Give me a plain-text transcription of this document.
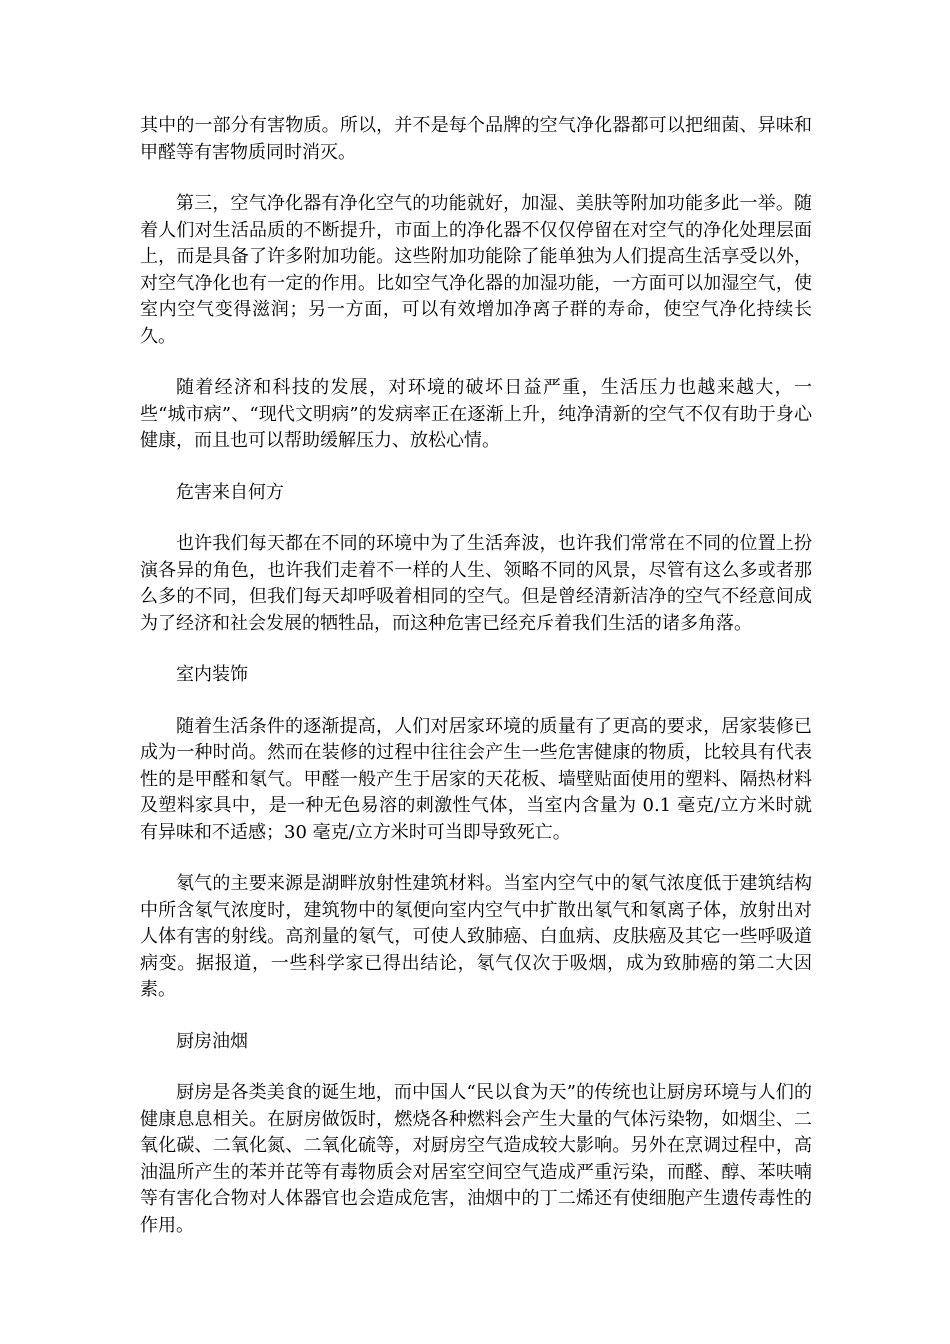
其中的一部分有害物质。所以，并不是每个品牌的空气净化器都可以把细菌、异味和甲醛等有害物质同时消灭。

第三，空气净化器有净化空气的功能就好，加湿、美肤等附加功能多此一举。随着人们对生活品质的不断提升，市面上的净化器不仅仅停留在对空气的净化处理层面上，而是具备了许多附加功能。这些附加功能除了能单独为人们提高生活享受以外，对空气净化也有一定的作用。比如空气净化器的加湿功能，一方面可以加湿空气，使室内空气变得滋润；另一方面，可以有效增加净离子群的寿命，使空气净化持续长久。

随着经济和科技的发展，对环境的破坏日益严重，生活压力也越来越大，一些“城市病”、“现代文明病”的发病率正在逐渐上升，纯净清新的空气不仅有助于身心健康，而且也可以帮助缓解压力、放松心情。

危害来自何方

也许我们每天都在不同的环境中为了生活奔波，也许我们常常在不同的位置上扮演各异的角色，也许我们走着不一样的人生、领略不同的风景，尽管有这么多或者那么多的不同，但我们每天却呼吸着相同的空气。但是曾经清新洁净的空气不经意间成为了经济和社会发展的牺牲品，而这种危害已经充斥着我们生活的诸多角落。

室内装饰

随着生活条件的逐渐提高，人们对居家环境的质量有了更高的要求，居家装修已成为一种时尚。然而在装修的过程中往往会产生一些危害健康的物质，比较具有代表性的是甲醛和氡气。甲醛一般产生于居家的天花板、墙壁贴面使用的塑料、隔热材料及塑料家具中，是一种无色易溶的刺激性气体，当室内含量为 0.1 毫克/立方米时就有异味和不适感；30 毫克/立方米时可当即导致死亡。

氡气的主要来源是湖畔放射性建筑材料。当室内空气中的氡气浓度低于建筑结构中所含氡气浓度时，建筑物中的氡便向室内空气中扩散出氡气和氡离子体，放射出对人体有害的射线。高剂量的氡气，可使人致肺癌、白血病、皮肤癌及其它一些呼吸道病变。据报道，一些科学家已得出结论，氡气仅次于吸烟，成为致肺癌的第二大因素。

厨房油烟

厨房是各类美食的诞生地，而中国人“民以食为天”的传统也让厨房环境与人们的健康息息相关。在厨房做饭时，燃烧各种燃料会产生大量的气体污染物，如烟尘、二氧化碳、二氧化氮、二氧化硫等，对厨房空气造成较大影响。另外在烹调过程中，高油温所产生的苯并芘等有毒物质会对居室空间空气造成严重污染，而醛、醇、苯呋喃等有害化合物对人体器官也会造成危害，油烟中的丁二烯还有使细胞产生遗传毒性的作用。
